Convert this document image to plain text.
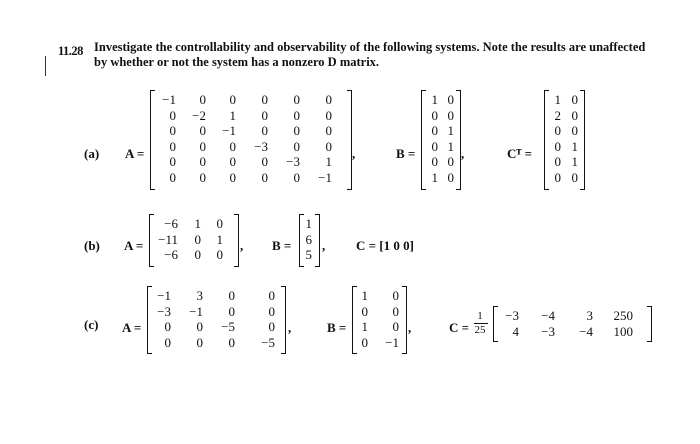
11.28 Investigate the controllability and observability of the following systems. Note the results are unaffected by whether or not the system has a nonzero D matrix.
(a) A =
−1	0	0	0	0	0
0	−2	1	0	0	0
0	0	−1	0	0	0
0	0	0	−3	0	0
0	0	0	0	−3	1
0	0	0	0	0	−1
,	B =
1	0
0	0
0	1
0	1
0	0
1	0
,	Cᵀ =
1	0
2	0
0	0
0	1
0	1
0	0
(b) A =
−6	1	0
−11	0	1
−6	0	0
, B =
1
6
5
, C = [1 0 0]
(c) A =
−1	3	0	0
−3	−1	0	0
0	0	−5	0
0	0	0	−5
,	B =
1	0
0	0
1	0
0	−1
,	C =
1
25
−3	−4	3	250
4	−3	−4	100
